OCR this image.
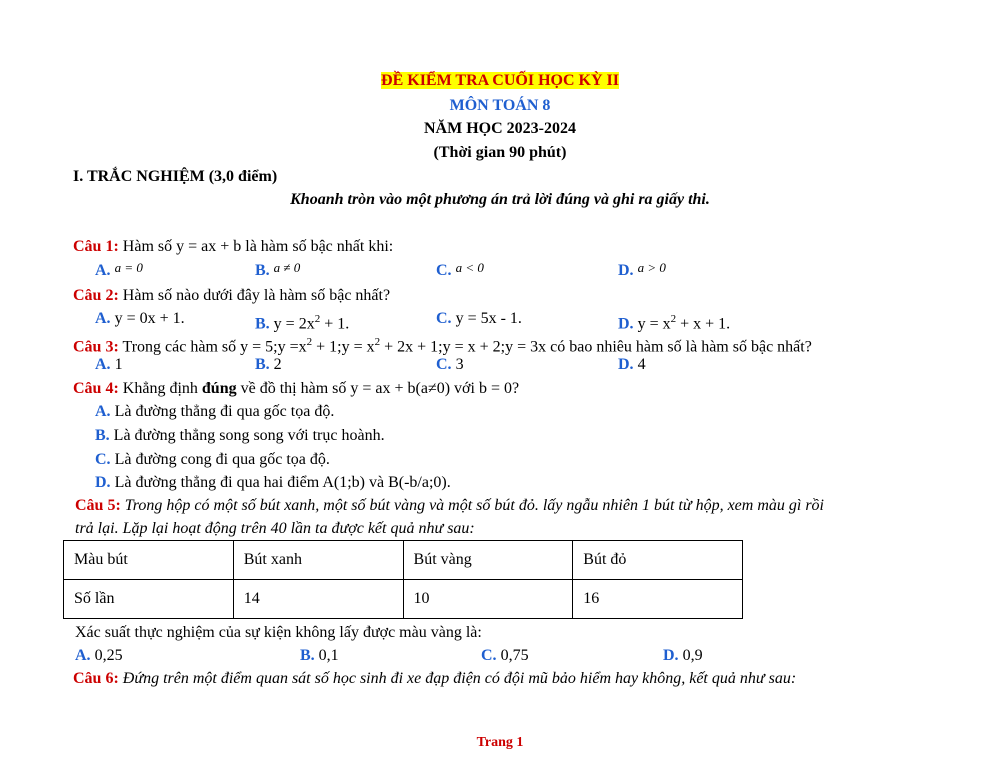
ĐỀ KIỂM TRA CUỐI HỌC KỲ II
MÔN TOÁN 8
NĂM HỌC 2023-2024
(Thời gian 90 phút)
I. TRẮC NGHIỆM (3,0 điểm)
Khoanh tròn vào một phương án trả lời đúng và ghi ra giấy thi.
Câu 1: Hàm số y = ax + b là hàm số bậc nhất khi:
A. a = 0	B. a ≠ 0	C. a < 0	D. a > 0
Câu 2: Hàm số nào dưới đây là hàm số bậc nhất?
A. y = 0x + 1.	B. $y = 2x^2 + 1$.	C. y = 5x - 1.	D. $y = x^2 + x + 1$.
Câu 3: Trong các hàm số y = 5;y $=x^2$ + 1;y = $x^2 + 2x$ + 1;y = x + 2;y = 3x có bao nhiêu hàm số là hàm số bậc nhất?
A. 1	B. 2	C. 3	D. 4
Câu 4: Khẳng định đúng về đồ thị hàm số y = ax + b(a≠0) với b = 0?
A. Là đường thẳng đi qua gốc tọa độ.
B. Là đường thẳng song song với trục hoành.
C. Là đường cong đi qua gốc tọa độ.
D. Là đường thẳng đi qua hai điểm A(1;b) và B(-b/a;0).
Câu 5: Trong hộp có một số bút xanh, một số bút vàng và một số bút đỏ. lấy ngẫu nhiên 1 bút từ hộp, xem màu gì rồi
trả lại. Lặp lại hoạt động trên 40 lần ta được kết quả như sau:
Màu bút	Bút xanh	Bút vàng	Bút đỏ
Số lần	14	10	16
Xác suất thực nghiệm của sự kiện không lấy được màu vàng là:
A. 0,25	B. 0,1	C. 0,75	D. 0,9
Câu 6: Đứng trên một điểm quan sát số học sinh đi xe đạp điện có đội mũ bảo hiểm hay không, kết quả như sau:
Trang 1
